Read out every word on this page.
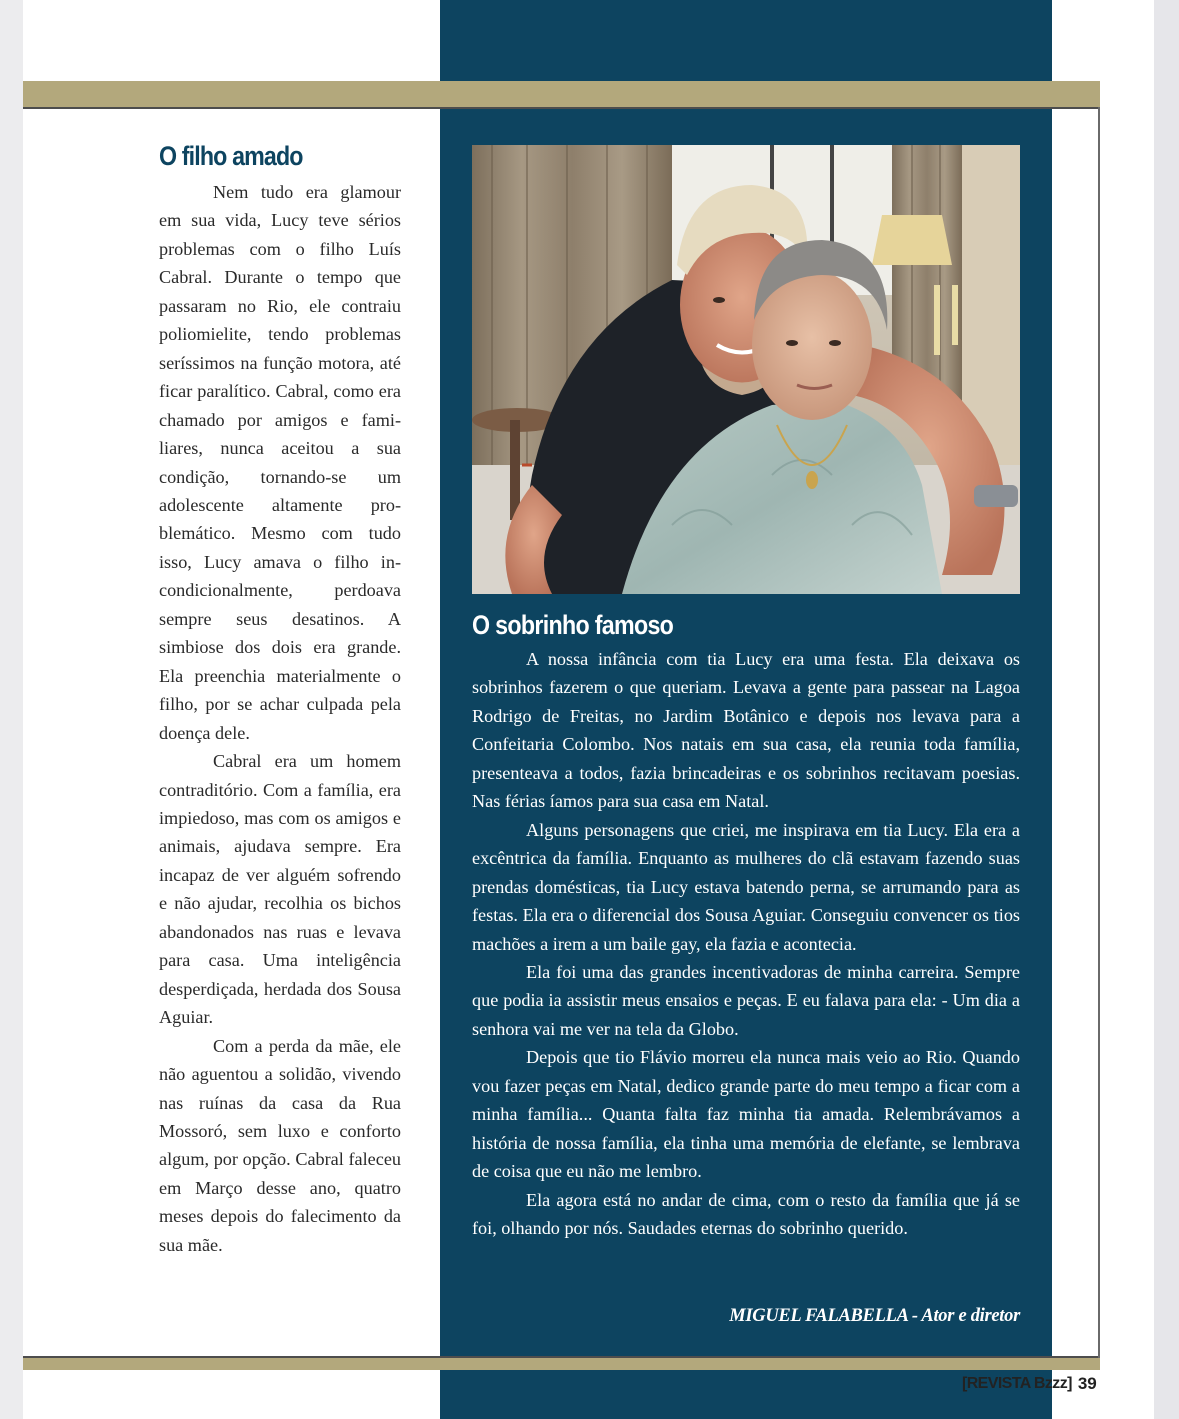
O filho amado

Nem tudo era glamour em sua vida, Lucy teve sérios problemas com o filho Luís Cabral. Durante o tempo que passaram no Rio, ele contraiu poliomielite, tendo problemas seríssimos na função motora, até ficar paralítico. Cabral, como era chamado por amigos e familiares, nunca aceitou a sua condição, tornando-se um adolescente altamente problemático. Mesmo com tudo isso, Lucy amava o filho incondicionalmente, perdoava sempre seus desatinos. A simbiose dos dois era grande. Ela preenchia materialmente o filho, por se achar culpada pela doença dele.

Cabral era um homem contraditório. Com a família, era impiedoso, mas com os amigos e animais, ajudava sempre. Era incapaz de ver alguém sofrendo e não ajudar, recolhia os bichos abandonados nas ruas e levava para casa. Uma inteligência desperdiçada, herdada dos Sousa Aguiar.

Com a perda da mãe, ele não aguentou a solidão, vivendo nas ruínas da casa da Rua Mossoró, sem luxo e conforto algum, por opção. Cabral faleceu em Março desse ano, quatro meses depois do falecimento da sua mãe.

O sobrinho famoso

A nossa infância com tia Lucy era uma festa. Ela deixava os sobrinhos fazerem o que queriam. Levava a gente para passear na Lagoa Rodrigo de Freitas, no Jardim Botânico e depois nos levava para a Confeitaria Colombo. Nos natais em sua casa, ela reunia toda família, presenteava a todos, fazia brincadeiras e os sobrinhos recitavam poesias. Nas férias íamos para sua casa em Natal.

Alguns personagens que criei, me inspirava em tia Lucy. Ela era a excêntrica da família. Enquanto as mulheres do clã estavam fazendo suas prendas domésticas, tia Lucy estava batendo perna, se arrumando para as festas. Ela era o diferencial dos Sousa Aguiar. Conseguiu convencer os tios machões a irem a um baile gay, ela fazia e acontecia.

Ela foi uma das grandes incentivadoras de minha carreira. Sempre que podia ia assistir meus ensaios e peças. E eu falava para ela: - Um dia a senhora vai me ver na tela da Globo.

Depois que tio Flávio morreu ela nunca mais veio ao Rio. Quando vou fazer peças em Natal, dedico grande parte do meu tempo a ficar com a minha família... Quanta falta faz minha tia amada. Relembrávamos a história de nossa família, ela tinha uma memória de elefante, se lembrava de coisa que eu não me lembro.

Ela agora está no andar de cima, com o resto da família que já se foi, olhando por nós. Saudades eternas do sobrinho querido.

MIGUEL FALABELLA - Ator e diretor
[REVISTA Bzzz] 39
